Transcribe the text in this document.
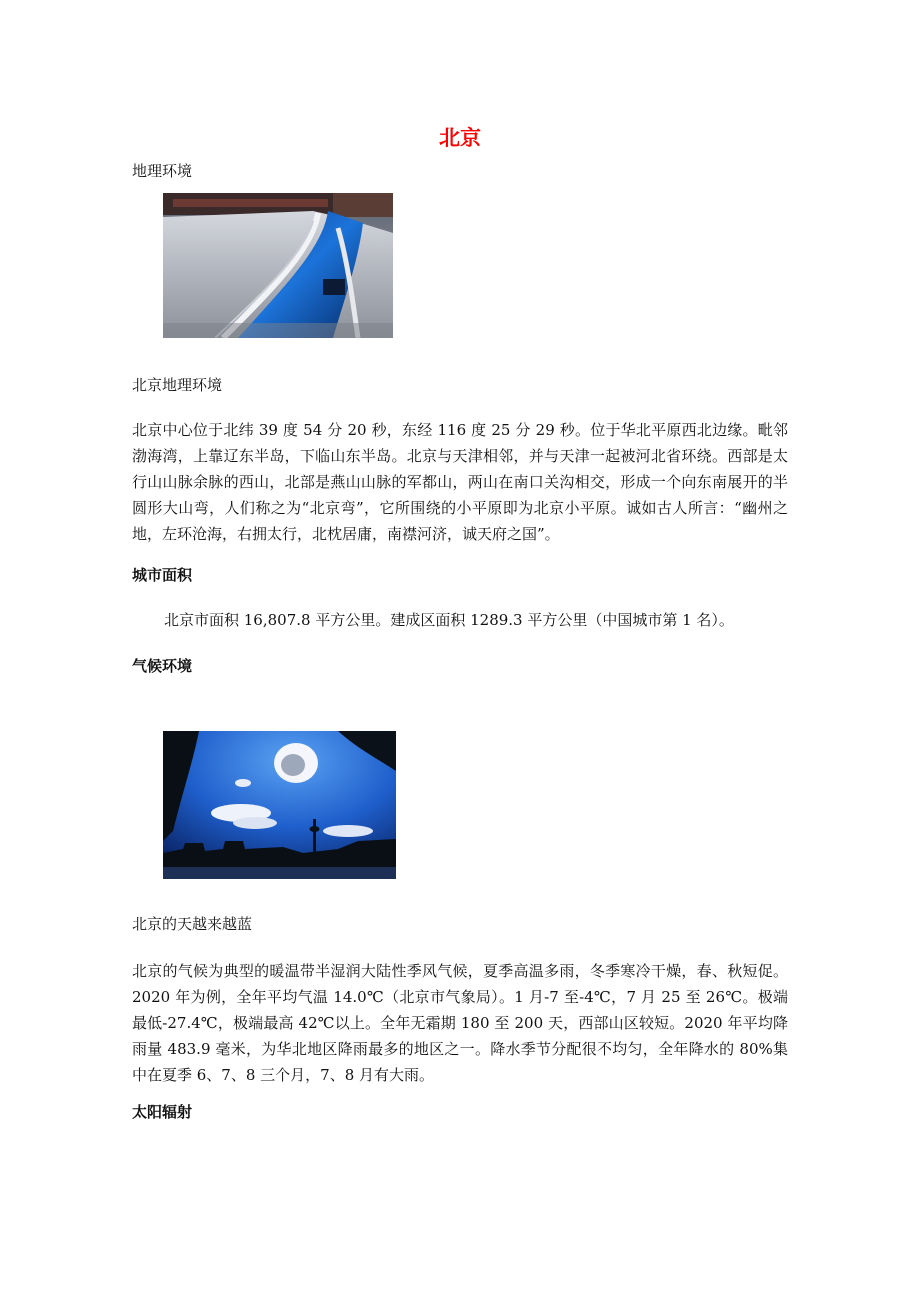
北京
地理环境
北京地理环境
北京中心位于北纬 39 度 54 分 20 秒，东经 116 度 25 分 29 秒。位于华北平原西北边缘。毗邻渤海湾，上靠辽东半岛，下临山东半岛。北京与天津相邻，并与天津一起被河北省环绕。西部是太行山山脉余脉的西山，北部是燕山山脉的军都山，两山在南口关沟相交，形成一个向东南展开的半圆形大山弯，人们称之为“北京弯”，它所围绕的小平原即为北京小平原。诚如古人所言：“幽州之地，左环沧海，右拥太行，北枕居庸，南襟河济，诚天府之国”。
城市面积
北京市面积 16,807.8 平方公里。建成区面积 1289.3 平方公里（中国城市第 1 名）。
气候环境
北京的天越来越蓝
北京的气候为典型的暖温带半湿润大陆性季风气候，夏季高温多雨，冬季寒冷干燥，春、秋短促。2020 年为例，全年平均气温 14.0℃（北京市气象局）。1 月-7 至-4℃，7 月 25 至 26℃。极端最低-27.4℃，极端最高 42℃以上。全年无霜期 180 至 200 天，西部山区较短。2020 年平均降雨量 483.9 毫米，为华北地区降雨最多的地区之一。降水季节分配很不均匀，全年降水的 80%集中在夏季 6、7、8 三个月，7、8 月有大雨。
太阳辐射
